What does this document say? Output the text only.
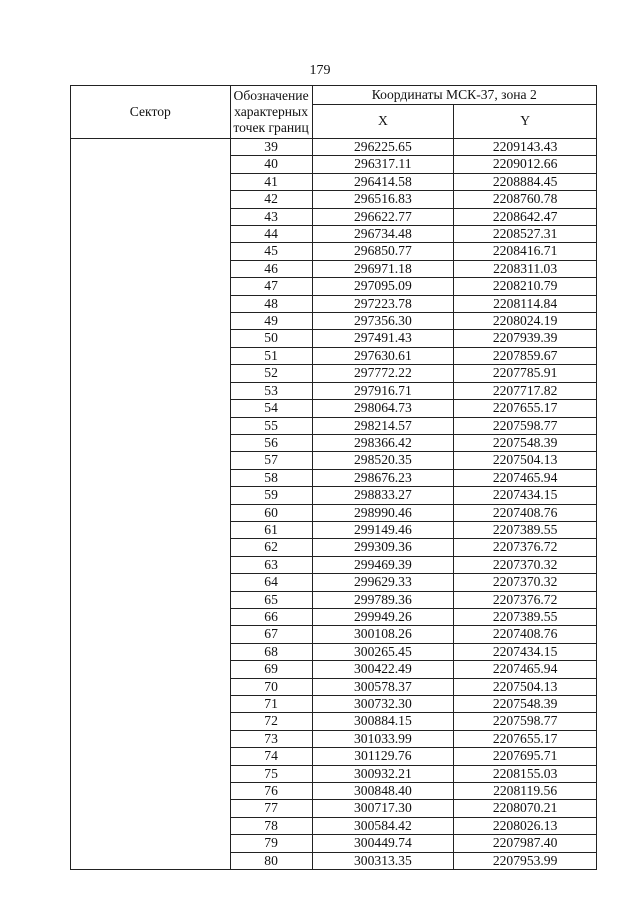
179
Сектор	Обозначение характерных точек границ	Координаты МСК-37, зона 2	
		X	Y
	39	296225.65	2209143.43
	40	296317.11	2209012.66
	41	296414.58	2208884.45
	42	296516.83	2208760.78
	43	296622.77	2208642.47
	44	296734.48	2208527.31
	45	296850.77	2208416.71
	46	296971.18	2208311.03
	47	297095.09	2208210.79
	48	297223.78	2208114.84
	49	297356.30	2208024.19
	50	297491.43	2207939.39
	51	297630.61	2207859.67
	52	297772.22	2207785.91
	53	297916.71	2207717.82
	54	298064.73	2207655.17
	55	298214.57	2207598.77
	56	298366.42	2207548.39
	57	298520.35	2207504.13
	58	298676.23	2207465.94
	59	298833.27	2207434.15
	60	298990.46	2207408.76
	61	299149.46	2207389.55
	62	299309.36	2207376.72
	63	299469.39	2207370.32
	64	299629.33	2207370.32
	65	299789.36	2207376.72
	66	299949.26	2207389.55
	67	300108.26	2207408.76
	68	300265.45	2207434.15
	69	300422.49	2207465.94
	70	300578.37	2207504.13
	71	300732.30	2207548.39
	72	300884.15	2207598.77
	73	301033.99	2207655.17
	74	301129.76	2207695.71
	75	300932.21	2208155.03
	76	300848.40	2208119.56
	77	300717.30	2208070.21
	78	300584.42	2208026.13
	79	300449.74	2207987.40
	80	300313.35	2207953.99
